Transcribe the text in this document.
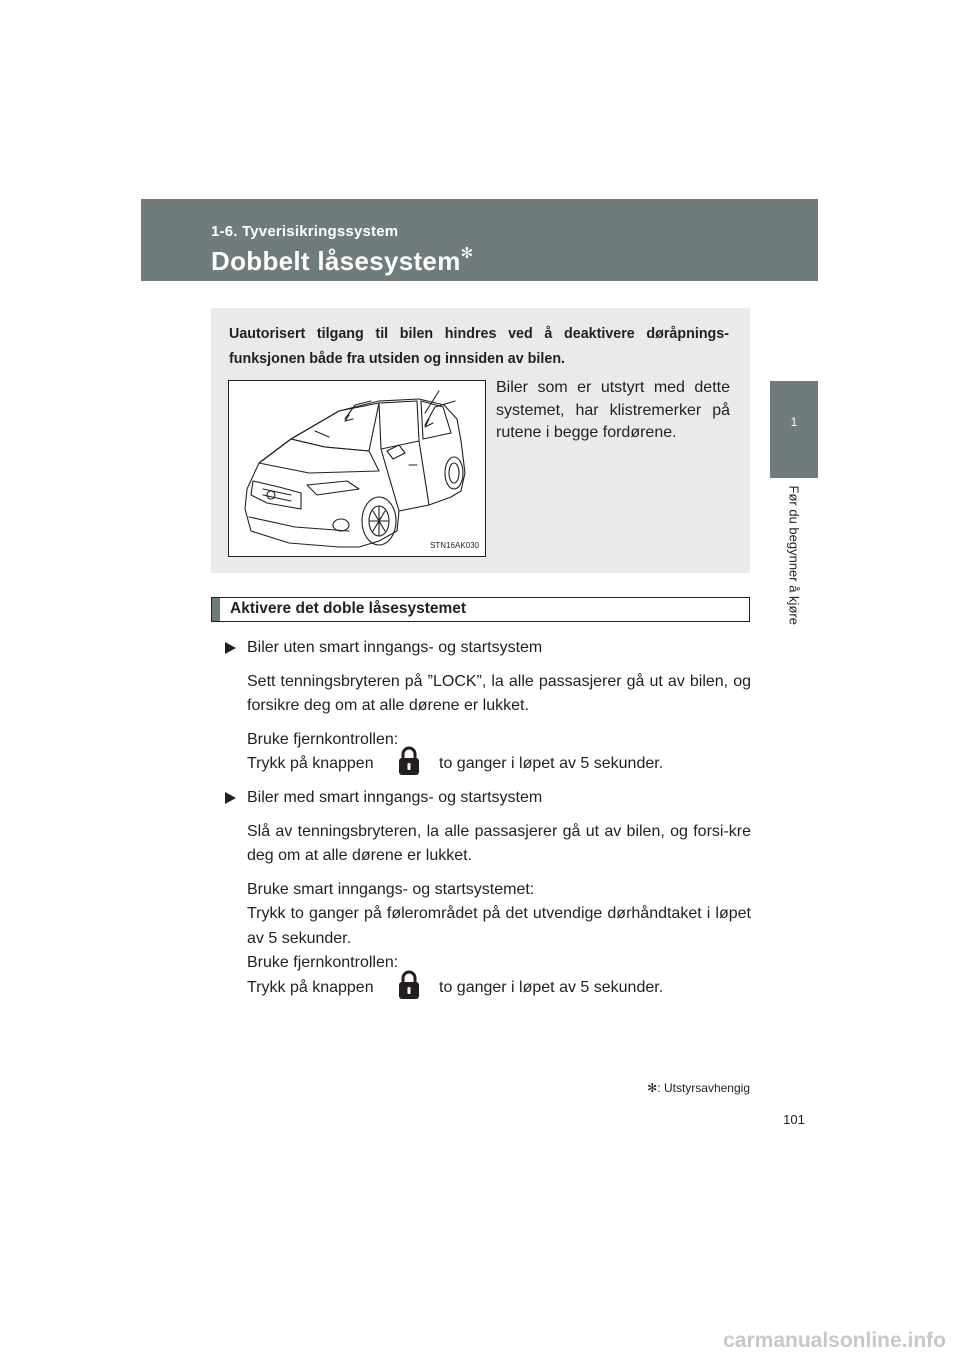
1-6. Tyverisikringssystem
Dobbelt låsesystem✻
1
Før du begynner å kjøre
Uautorisert tilgang til bilen hindres ved å deaktivere døråpnings-
funksjonen både fra utsiden og innsiden av bilen.
STN16AK030
Biler som er utstyrt med dette systemet, har klistremerker på rutene i begge fordørene.
Aktivere det doble låsesystemet
Biler uten smart inngangs- og startsystem
Sett tenningsbryteren på ”LOCK”, la alle passasjerer gå ut av bilen, og forsikre deg om at alle dørene er lukket.
Bruke fjernkontrollen:
Trykk på knappen	to ganger i løpet av 5 sekunder.
Biler med smart inngangs- og startsystem
Slå av tenningsbryteren, la alle passasjerer gå ut av bilen, og forsi-kre deg om at alle dørene er lukket.
Bruke smart inngangs- og startsystemet:
Trykk to ganger på følerområdet på det utvendige dørhåndtaket i løpet av 5 sekunder.
Bruke fjernkontrollen:
Trykk på knappen	to ganger i løpet av 5 sekunder.
✻: Utstyrsavhengig
101
carmanualsonline.info
